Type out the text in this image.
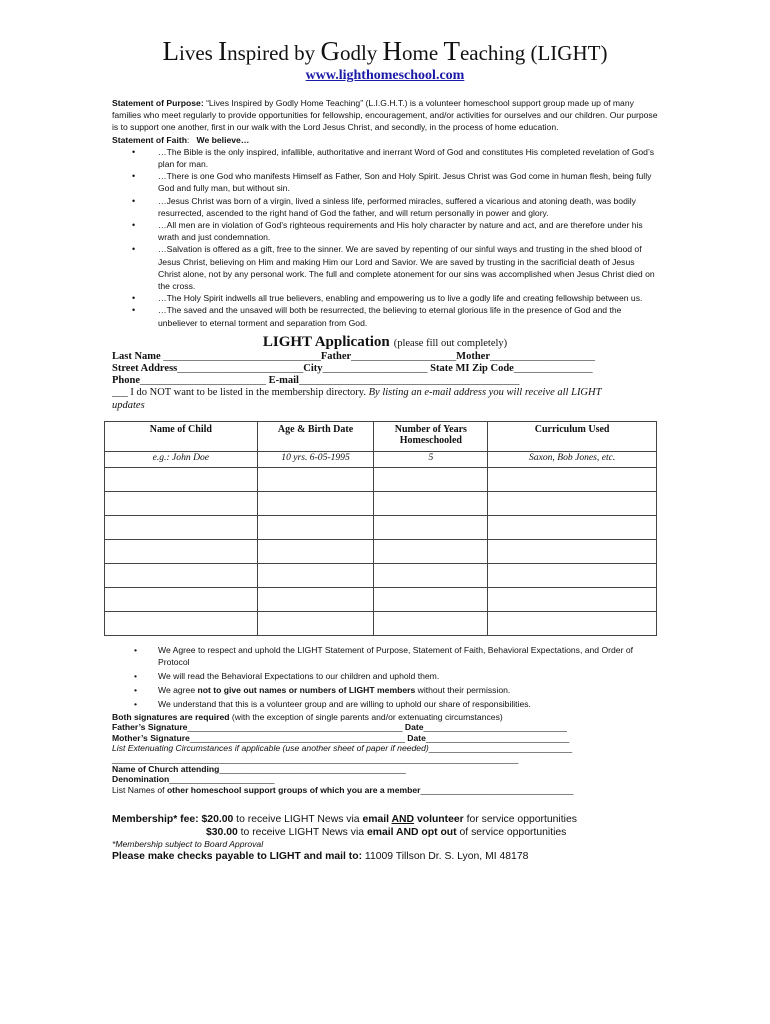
Lives Inspired by Godly Home Teaching (LIGHT)
www.lighthomeschool.com
Statement of Purpose: “Lives Inspired by Godly Home Teaching” (L.I.G.H.T.) is a volunteer homeschool support group made up of many families who meet regularly to provide opportunities for fellowship, encouragement, and/or activities for ourselves and our children. Our purpose is to support one another, first in our walk with the Lord Jesus Christ, and secondly, in the process of home education.
Statement of Faith: We believe…
• …The Bible is the only inspired, infallible, authoritative and inerrant Word of God and constitutes His completed revelation of God’s plan for man.
• …There is one God who manifests Himself as Father, Son and Holy Spirit. Jesus Christ was God come in human flesh, being fully God and fully man, but without sin.
• …Jesus Christ was born of a virgin, lived a sinless life, performed miracles, suffered a vicarious and atoning death, was bodily resurrected, ascended to the right hand of God the father, and will return personally in power and glory.
• …All men are in violation of God’s righteous requirements and His holy character by nature and act, and are therefore under his wrath and just condemnation.
• …Salvation is offered as a gift, free to the sinner. We are saved by repenting of our sinful ways and trusting in the shed blood of Jesus Christ, believing on Him and making Him our Lord and Savior. We are saved by trusting in the sacrificial death of Jesus Christ alone, not by any personal work. The full and complete atonement for our sins was accomplished when Jesus Christ died on the cross.
• …The Holy Spirit indwells all true believers, enabling and empowering us to live a godly life and creating fellowship between us.
• …The saved and the unsaved will both be resurrected, the believing to eternal glorious life in the presence of God and the unbeliever to eternal torment and separation from God.
LIGHT Application (please fill out completely)
Last Name ______________________________Father____________________Mother____________________
Street Address________________________City____________________ State MI Zip Code_______________
Phone________________________ E-mail__________________________________________
___ I do NOT want to be listed in the membership directory. By listing an e-mail address you will receive all LIGHT
updates
Name of Child	Age & Birth Date	Number of Years Homeschooled	Curriculum Used
e.g.: John Doe	10 yrs. 6-05-1995	5	Saxon, Bob Jones, etc.

• We Agree to respect and uphold the LIGHT Statement of Purpose, Statement of Faith, Behavioral Expectations, and Order of Protocol
• We will read the Behavioral Expectations to our children and uphold them.
• We agree not to give out names or numbers of LIGHT members without their permission.
• We understand that this is a volunteer group and are willing to uphold our share of responsibilities.
Both signatures are required (with the exception of single parents and/or extenuating circumstances)
Father’s Signature_____________________________________________ Date______________________________
Mother’s Signature_____________________________________________ Date______________________________
List Extenuating Circumstances if applicable (use another sheet of paper if needed)______________________________
_____________________________________________________________________________________
Name of Church attending_______________________________________
Denomination______________________
List Names of other homeschool support groups of which you are a member________________________________
Membership* fee: $20.00 to receive LIGHT News via email AND volunteer for service opportunities
$30.00 to receive LIGHT News via email AND opt out of service opportunities
*Membership subject to Board Approval
Please make checks payable to LIGHT and mail to: 11009 Tillson Dr. S. Lyon, MI 48178
